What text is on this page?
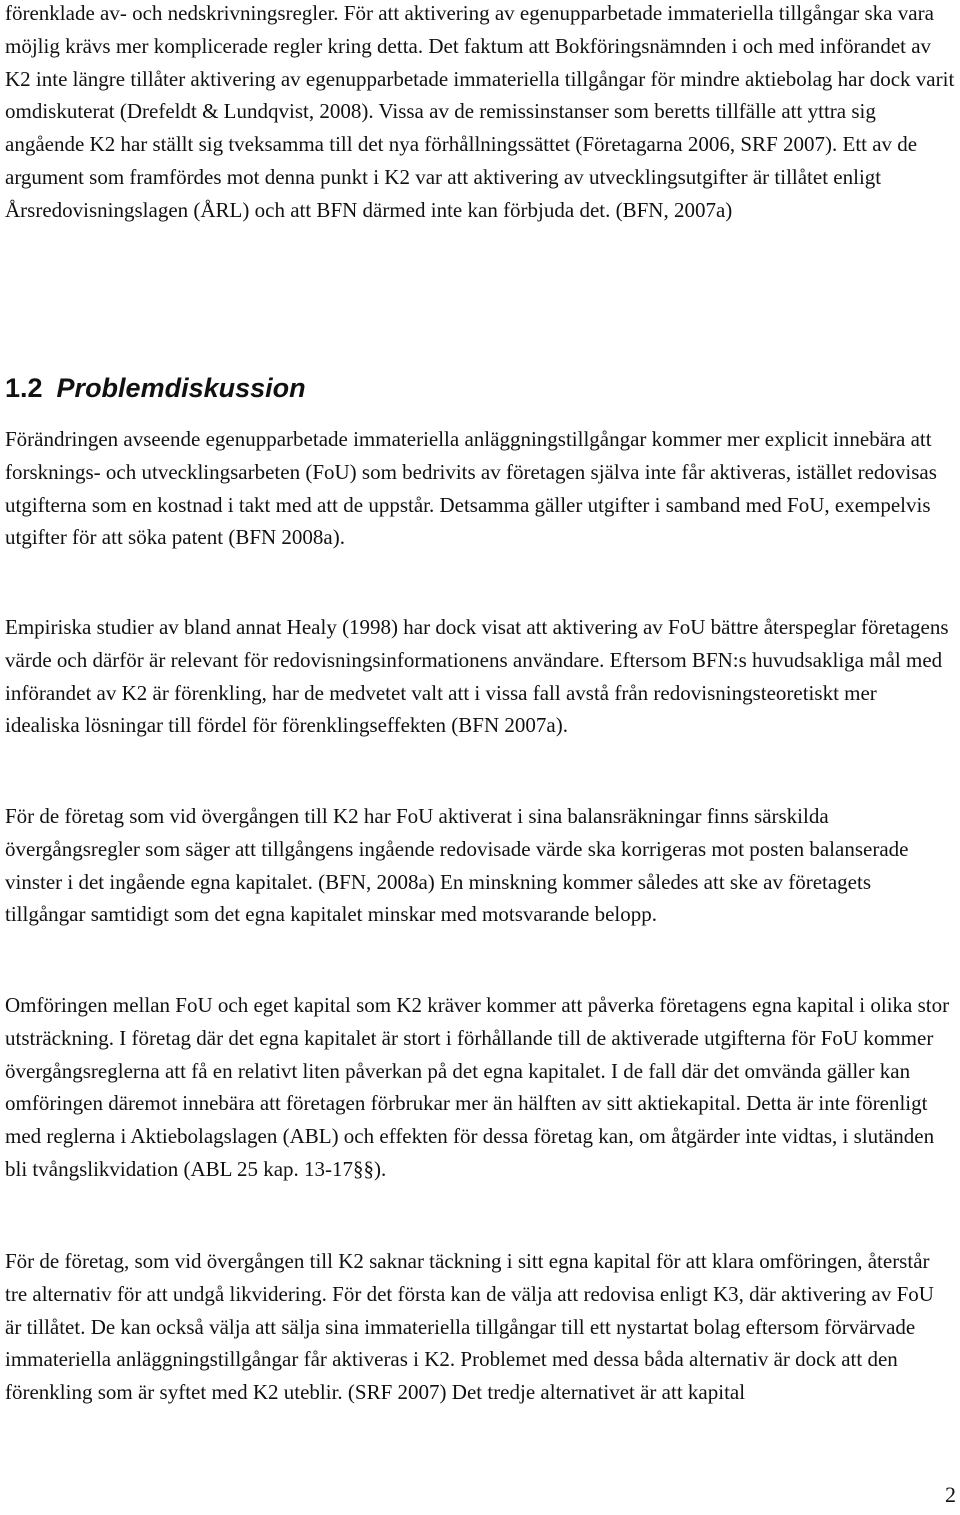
förenklade av- och nedskrivningsregler. För att aktivering av egenupparbetade immateriella tillgångar ska vara möjlig krävs mer komplicerade regler kring detta. Det faktum att Bokföringsnämnden i och med införandet av K2 inte längre tillåter aktivering av egenupparbetade immateriella tillgångar för mindre aktiebolag har dock varit omdiskuterat (Drefeldt & Lundqvist, 2008). Vissa av de remissinstanser som beretts tillfälle att yttra sig angående K2 har ställt sig tveksamma till det nya förhållningssättet (Företagarna 2006, SRF 2007). Ett av de argument som framfördes mot denna punkt i K2 var att aktivering av utvecklingsutgifter är tillåtet enligt Årsredovisningslagen (ÅRL) och att BFN därmed inte kan förbjuda det. (BFN, 2007a)

1.2 Problemdiskussion

Förändringen avseende egenupparbetade immateriella anläggningstillgångar kommer mer explicit innebära att forsknings- och utvecklingsarbeten (FoU) som bedrivits av företagen själva inte får aktiveras, istället redovisas utgifterna som en kostnad i takt med att de uppstår. Detsamma gäller utgifter i samband med FoU, exempelvis utgifter för att söka patent (BFN 2008a).

Empiriska studier av bland annat Healy (1998) har dock visat att aktivering av FoU bättre återspeglar företagens värde och därför är relevant för redovisningsinformationens användare. Eftersom BFN:s huvudsakliga mål med införandet av K2 är förenkling, har de medvetet valt att i vissa fall avstå från redovisningsteoretiskt mer idealiska lösningar till fördel för förenklingseffekten (BFN 2007a).

För de företag som vid övergången till K2 har FoU aktiverat i sina balansräkningar finns särskilda övergångsregler som säger att tillgångens ingående redovisade värde ska korrigeras mot posten balanserade vinster i det ingående egna kapitalet. (BFN, 2008a) En minskning kommer således att ske av företagets tillgångar samtidigt som det egna kapitalet minskar med motsvarande belopp.

Omföringen mellan FoU och eget kapital som K2 kräver kommer att påverka företagens egna kapital i olika stor utsträckning. I företag där det egna kapitalet är stort i förhållande till de aktiverade utgifterna för FoU kommer övergångsreglerna att få en relativt liten påverkan på det egna kapitalet. I de fall där det omvända gäller kan omföringen däremot innebära att företagen förbrukar mer än hälften av sitt aktiekapital. Detta är inte förenligt med reglerna i Aktiebolagslagen (ABL) och effekten för dessa företag kan, om åtgärder inte vidtas, i slutänden bli tvångslikvidation (ABL 25 kap. 13-17§§).

För de företag, som vid övergången till K2 saknar täckning i sitt egna kapital för att klara omföringen, återstår tre alternativ för att undgå likvidering. För det första kan de välja att redovisa enligt K3, där aktivering av FoU är tillåtet. De kan också välja att sälja sina immateriella tillgångar till ett nystartat bolag eftersom förvärvade immateriella anläggningstillgångar får aktiveras i K2. Problemet med dessa båda alternativ är dock att den förenkling som är syftet med K2 uteblir. (SRF 2007) Det tredje alternativet är att kapital

2
